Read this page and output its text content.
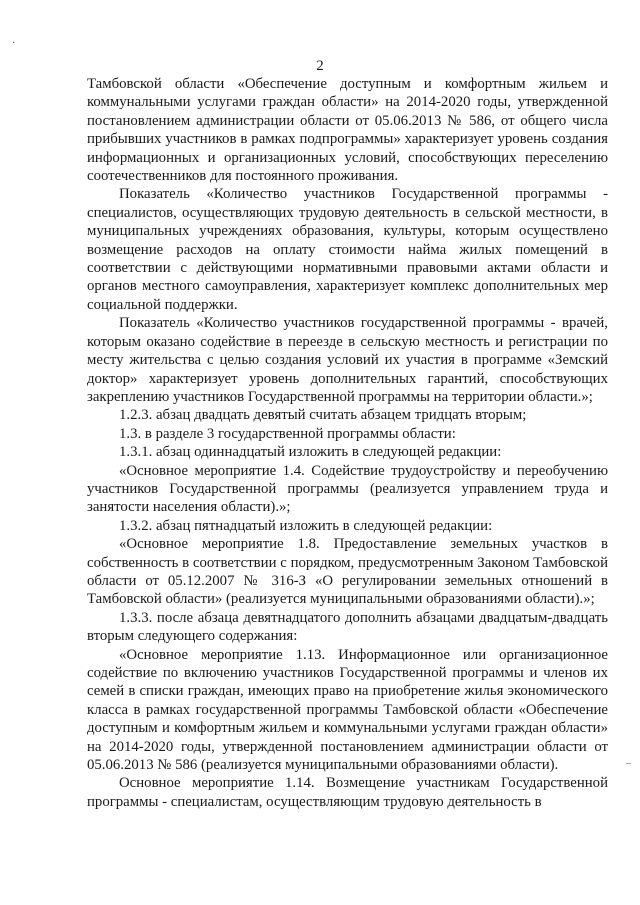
·
–
2

Тамбовской области «Обеспечение доступным и комфортным жильем и коммунальными услугами граждан области» на 2014-2020 годы, утвержденной постановлением администрации области от 05.06.2013 № 586, от общего числа прибывших участников в рамках подпрограммы» характеризует уровень создания информационных и организационных условий, способствующих переселению соотечественников для постоянного проживания.

Показатель «Количество участников Государственной программы - специалистов, осуществляющих трудовую деятельность в сельской местности, в муниципальных учреждениях образования, культуры, которым осуществлено возмещение расходов на оплату стоимости найма жилых помещений в соответствии с действующими нормативными правовыми актами области и органов местного самоуправления, характеризует комплекс дополнительных мер социальной поддержки.

Показатель «Количество участников государственной программы - врачей, которым оказано содействие в переезде в сельскую местность и регистрации по месту жительства с целью создания условий их участия в программе «Земский доктор» характеризует уровень дополнительных гарантий, способствующих закреплению участников Государственной программы на территории области.»;

1.2.3. абзац двадцать девятый считать абзацем тридцать вторым;

1.3. в разделе 3 государственной программы области:

1.3.1. абзац одиннадцатый изложить в следующей редакции:

«Основное мероприятие 1.4. Содействие трудоустройству и переобучению участников Государственной программы (реализуется управлением труда и занятости населения области).»;

1.3.2. абзац пятнадцатый изложить в следующей редакции:

«Основное мероприятие 1.8. Предоставление земельных участков в собственность в соответствии с порядком, предусмотренным Законом Тамбовской области от 05.12.2007 № 316-З «О регулировании земельных отношений в Тамбовской области» (реализуется муниципальными образованиями области).»;

1.3.3. после абзаца девятнадцатого дополнить абзацами двадцатым-двадцать вторым следующего содержания:

«Основное мероприятие 1.13. Информационное или организационное содействие по включению участников Государственной программы и членов их семей в списки граждан, имеющих право на приобретение жилья экономического класса в рамках государственной программы Тамбовской области «Обеспечение доступным и комфортным жильем и коммунальными услугами граждан области» на 2014-2020 годы, утвержденной постановлением администрации области от 05.06.2013 № 586 (реализуется муниципальными образованиями области).

Основное мероприятие 1.14. Возмещение участникам Государственной программы - специалистам, осуществляющим трудовую деятельность в
